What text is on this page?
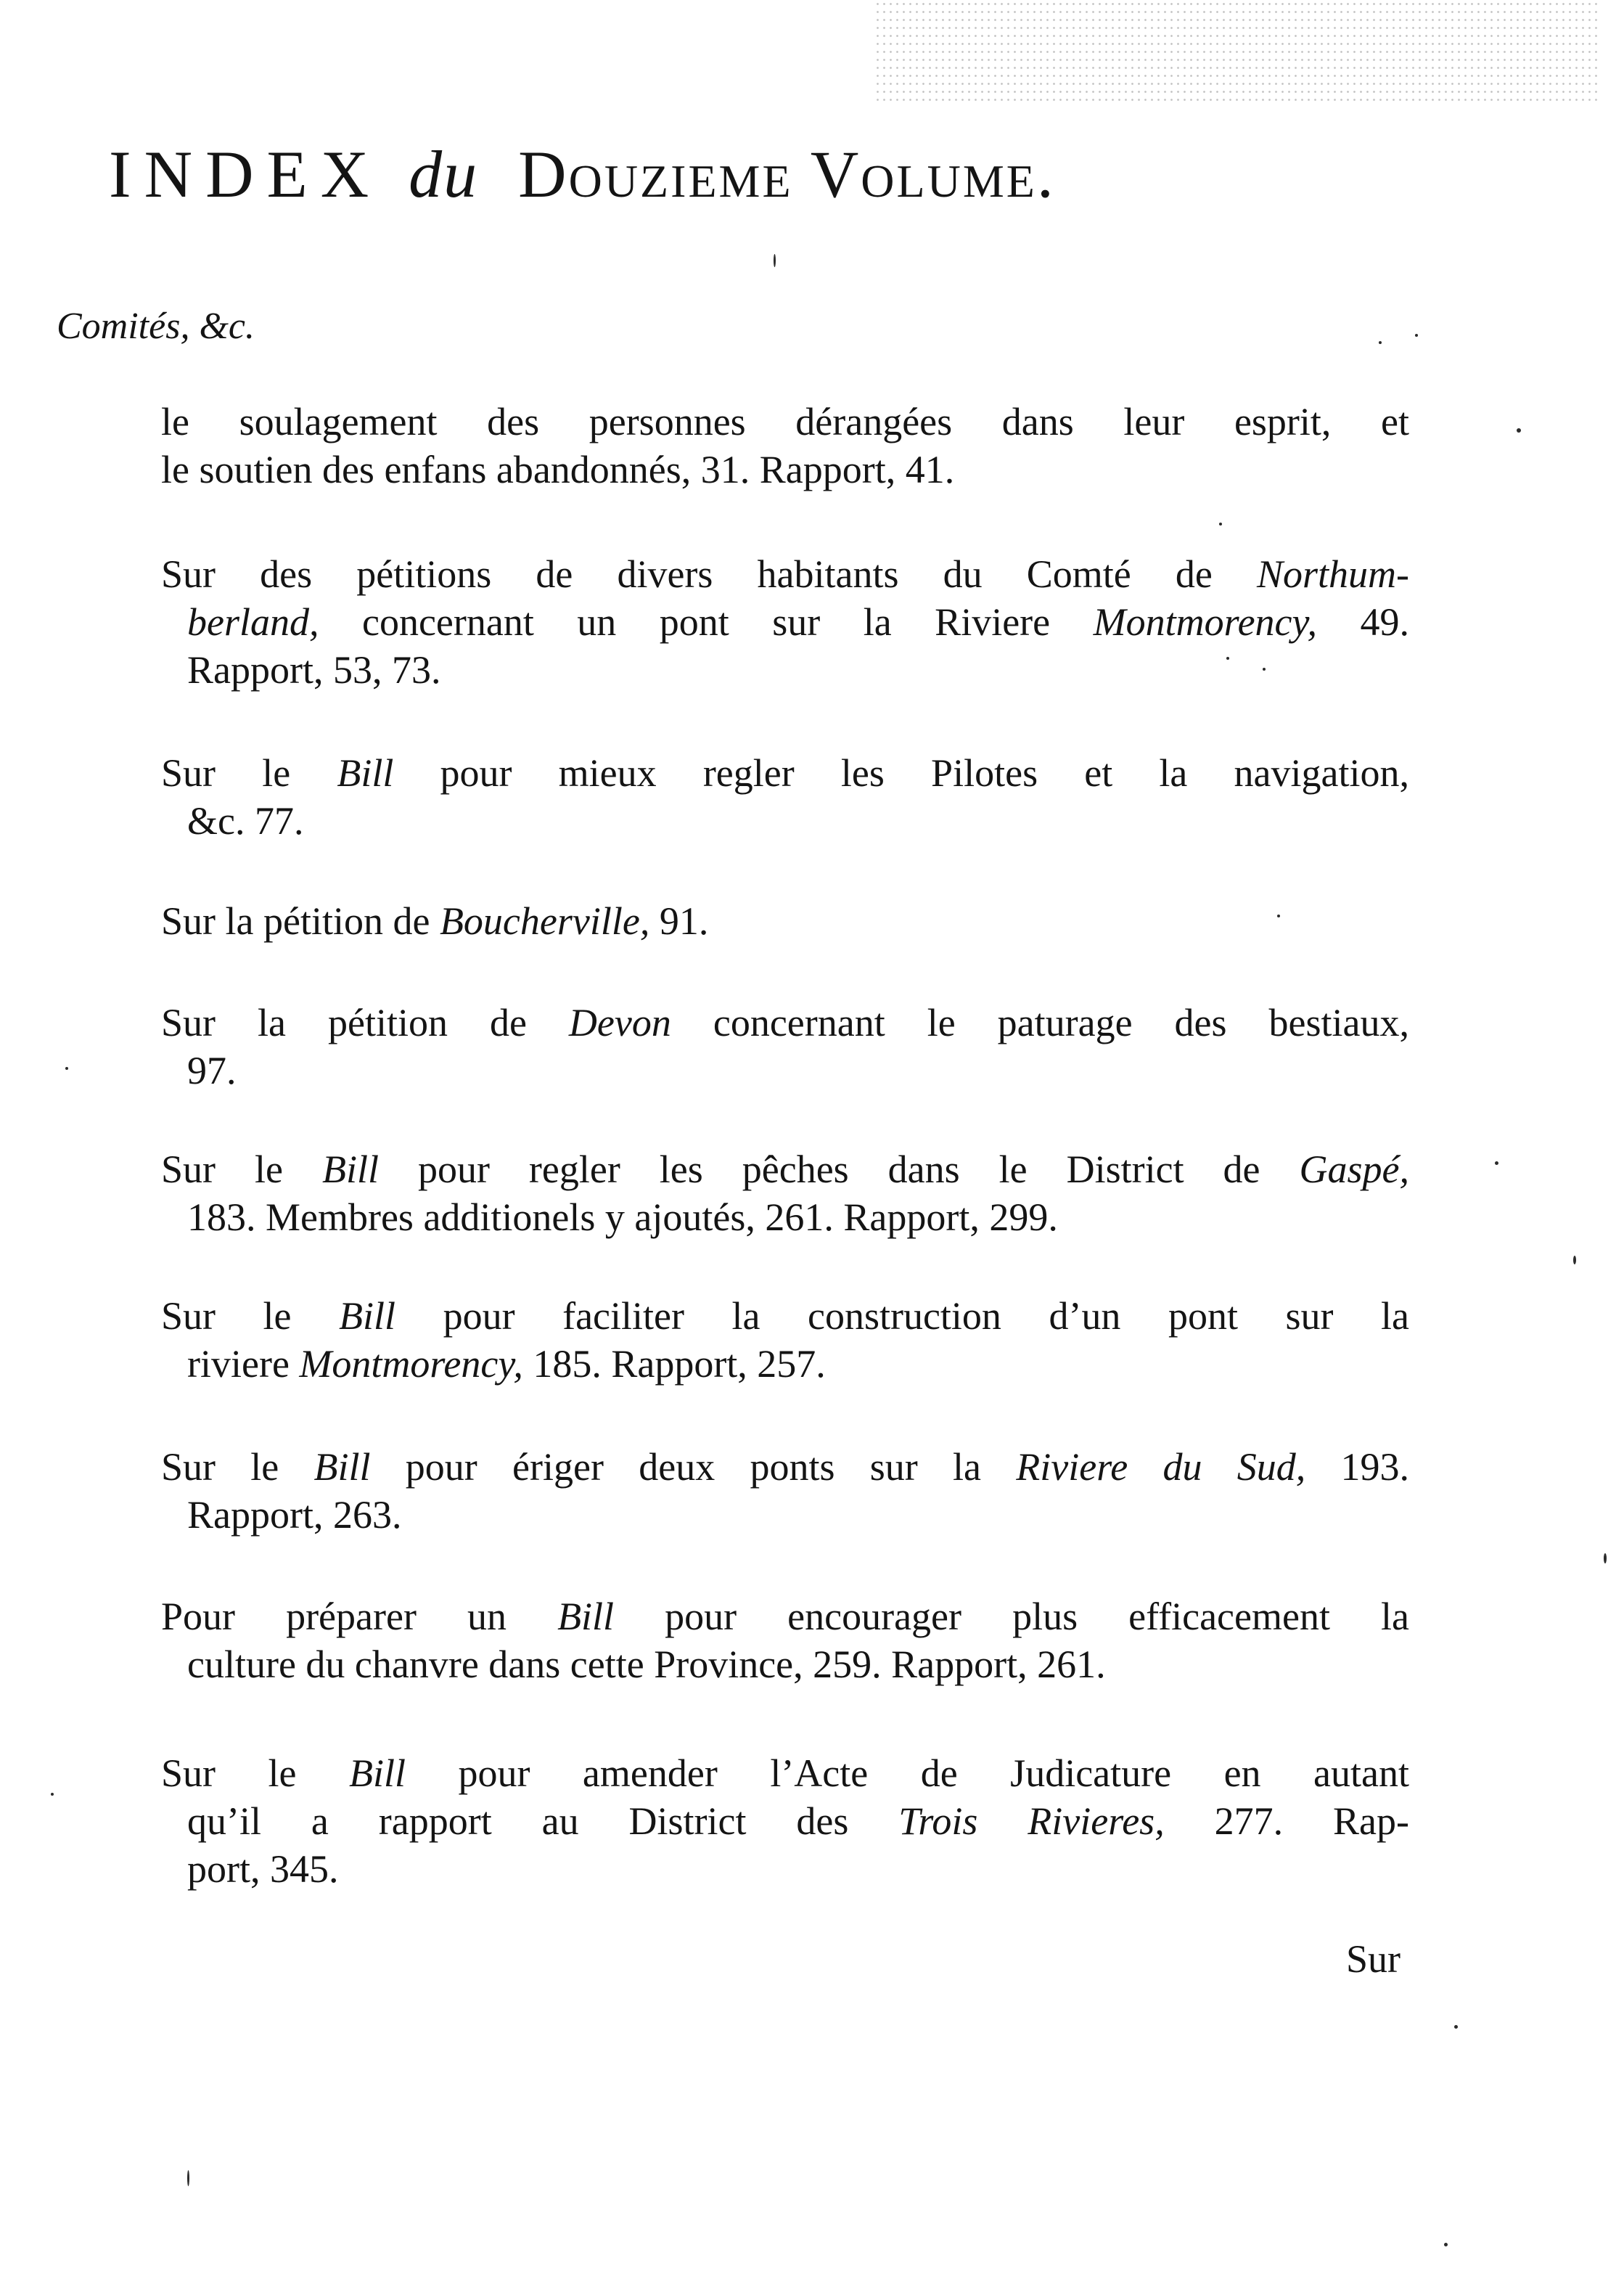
INDEX du Douzieme Volume.
Comités, &c.
le soulagement des personnes dérangées dans leur esprit, et
le soutien des enfans abandonnés, 31. Rapport, 41.
Sur des pétitions de divers habitants du Comté de Northum-
berland, concernant un pont sur la Riviere Montmorency, 49.
Rapport, 53, 73.
Sur le Bill pour mieux regler les Pilotes et la navigation,
&c. 77.
Sur la pétition de Boucherville, 91.
Sur la pétition de Devon concernant le paturage des bestiaux,
97.
Sur le Bill pour regler les pêches dans le District de Gaspé,
183. Membres additionels y ajoutés, 261. Rapport, 299.
Sur le Bill pour faciliter la construction d’un pont sur la
riviere Montmorency, 185. Rapport, 257.
Sur le Bill pour ériger deux ponts sur la Riviere du Sud, 193.
Rapport, 263.
Pour préparer un Bill pour encourager plus efficacement la
culture du chanvre dans cette Province, 259. Rapport, 261.
Sur le Bill pour amender l’Acte de Judicature en autant
qu’il a rapport au District des Trois Rivieres, 277. Rap-
port, 345.
Sur
